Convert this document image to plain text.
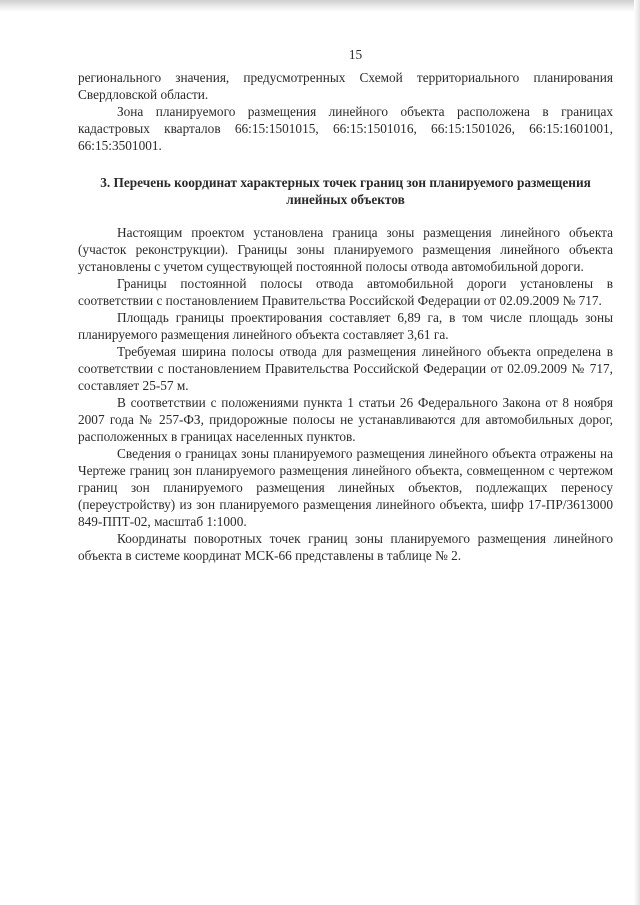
15

регионального значения, предусмотренных Схемой территориального планирования Свердловской области.

Зона планируемого размещения линейного объекта расположена в границах кадастровых кварталов 66:15:1501015, 66:15:1501016, 66:15:1501026, 66:15:1601001, 66:15:3501001.

3. Перечень координат характерных точек границ зон планируемого размещения линейных объектов

Настоящим проектом установлена граница зоны размещения линейного объекта (участок реконструкции). Границы зоны планируемого размещения линейного объекта установлены с учетом существующей постоянной полосы отвода автомобильной дороги.

Границы постоянной полосы отвода автомобильной дороги установлены в соответствии с постановлением Правительства Российской Федерации от 02.09.2009 № 717.

Площадь границы проектирования составляет 6,89 га, в том числе площадь зоны планируемого размещения линейного объекта составляет 3,61 га.

Требуемая ширина полосы отвода для размещения линейного объекта определена в соответствии с постановлением Правительства Российской Федерации от 02.09.2009 № 717, составляет 25-57 м.

В соответствии с положениями пункта 1 статьи 26 Федерального Закона от 8 ноября 2007 года № 257-ФЗ, придорожные полосы не устанавливаются для автомобильных дорог, расположенных в границах населенных пунктов.

Сведения о границах зоны планируемого размещения линейного объекта отражены на Чертеже границ зон планируемого размещения линейного объекта, совмещенном с чертежом границ зон планируемого размещения линейных объектов, подлежащих переносу (переустройству) из зон планируемого размещения линейного объекта, шифр 17-ПР/3613000 849-ППТ-02, масштаб 1:1000.

Координаты поворотных точек границ зоны планируемого размещения линейного объекта в системе координат МСК-66 представлены в таблице № 2.
